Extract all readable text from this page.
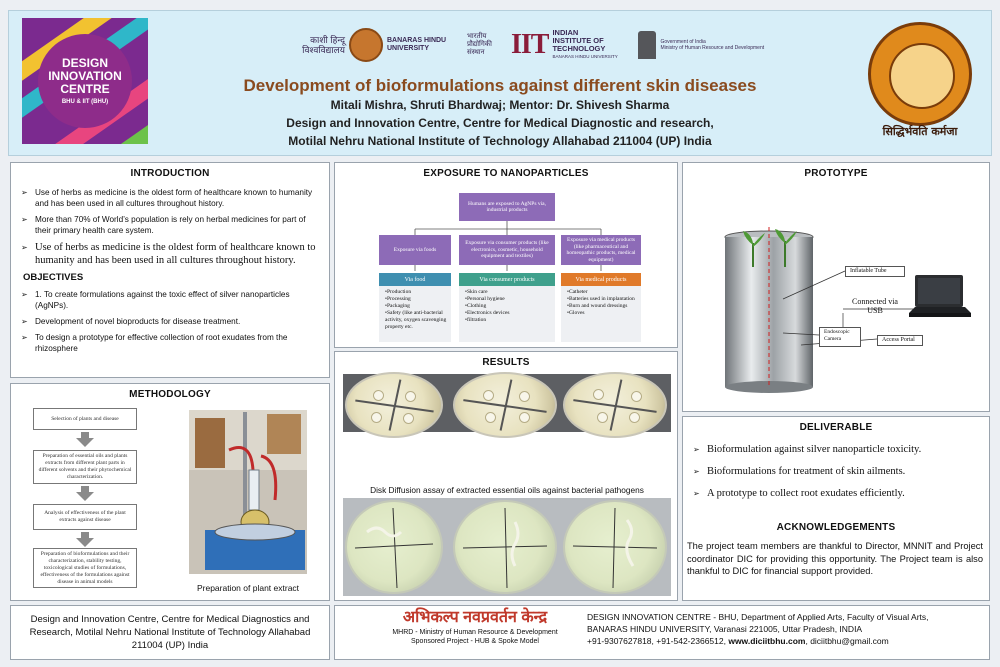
DESIGN
INNOVATION
CENTRE
BHU & IIT (BHU)
काशी हिन्दू विश्वविद्यालय
BANARAS HINDU UNIVERSITY
भारतीय प्रौद्योगिकी संस्थान IIT INDIAN INSTITUTE OF TECHNOLOGY
BANARAS HINDU UNIVERSITY
Government of India
Ministry of Human Resource and Development
Development of bioformulations against different skin diseases
Mitali Mishra, Shruti Bhardwaj; Mentor: Dr. Shivesh Sharma
Design and Innovation Centre, Centre for Medical Diagnostic and research,
Motilal Nehru National Institute of Technology Allahabad 211004 (UP) India
सिद्धिर्भवति कर्मजा
INTRODUCTION
➢ Use of herbs as medicine is the oldest form of healthcare known to humanity and has been used in all cultures throughout history.
➢ More than 70% of World’s population is rely on herbal medicines for part of their primary health care system.
➢ Use of herbs as medicine is the oldest form of healthcare known to humanity and has been used in all cultures throughout history.
OBJECTIVES
➢ 1. To create formulations against the toxic effect of silver nanoparticles (AgNPs).
➢ Development of novel bioproducts for disease treatment.
➢ To design a prototype for effective collection of root exudates from the rhizosphere
METHODOLOGY
Selection of plants and disease
Preparation of essential oils and plants extracts from different plant parts in different solvents and their phytochemical characterization.
Analysis of effectiveness of the plant extracts against disease
Preparation of bioformulations and their characterization, stability testing, toxicological studies of formulations, effectiveness of the formulations against disease in animal models
Preparation of plant extract
EXPOSURE TO NANOPARTICLES
Humans are exposed to AgNPs via, industrial products
Exposure via foods
Exposure via consumer products (like electronics, cosmetic, household equipment and textiles)
Exposure via medical products (like pharmaceutical and homeopathic products, medical equipment)
Via food	Via consumer products	Via medical products
• Production
• Processing
• Packaging
• Safety (like anti-bacterial activity, oxygen scavenging property etc.
• Skin care
• Personal hygiene
• Clothing
• Electronics devices
• filtration
• Catheter
• Batteries used in implantation
• Burn and wound dressings
• Gloves
RESULTS
Disk Diffusion assay of extracted essential oils against bacterial pathogens
PROTOTYPE
Inflatable Tube
Connected via USB
Endoscopic Camera	Access Portal
DELIVERABLE
➢ Bioformulation against silver nanoparticle toxicity.
➢ Bioformulations for treatment of skin ailments.
➢ A prototype to collect root exudates efficiently.
ACKNOWLEDGEMENTS
The project team members are thankful to Director, MNNIT and Project coordinator DIC for providing this opportunity. The Project team is also thankful to DIC for financial support provided.
Design and Innovation Centre, Centre for Medical Diagnostics and Research, Motilal Nehru National Institute of Technology Allahabad 211004 (UP) India
अभिकल्प नवप्रवर्तन केन्द्र
MHRD - Ministry of Human Resource & Development
Sponsored Project - HUB & Spoke Model
DESIGN INNOVATION CENTRE - BHU, Department of Applied Arts, Faculty of Visual Arts,
BANARAS HINDU UNIVERSITY, Varanasi 221005, Uttar Pradesh, INDIA
+91-9307627818, +91-542-2366512, www.diciitbhu.com, diciitbhu@gmail.com
